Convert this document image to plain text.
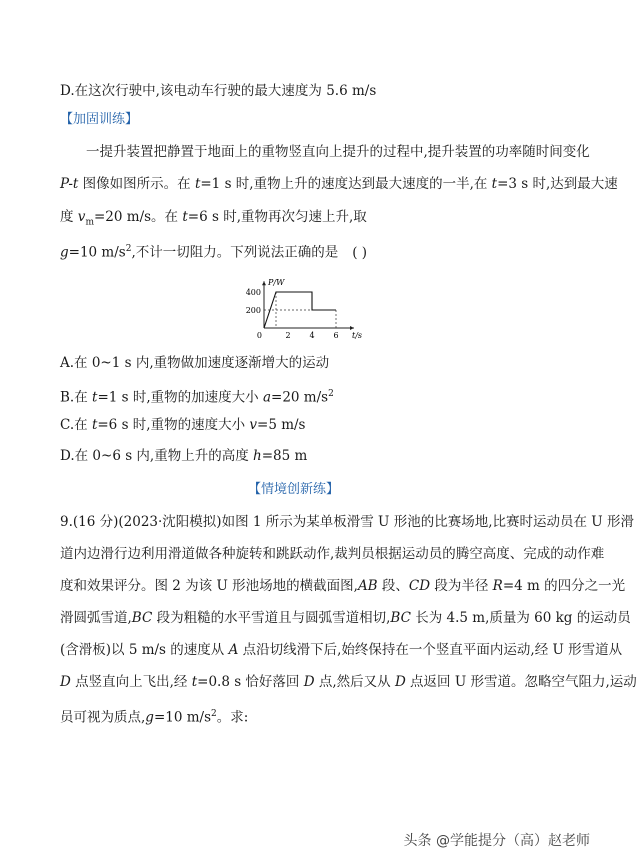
D.在这次行驶中,该电动车行驶的最大速度为 5.6 m/s
【加固训练】
一提升装置把静置于地面上的重物竖直向上提升的过程中,提升装置的功率随时间变化
P-t 图像如图所示。在 t=1 s 时,重物上升的速度达到最大速度的一半,在 t=3 s 时,达到最大速
度 $v_m=20$ m/s。在 t=6 s 时,重物再次匀速上升,取
g=10 $m/s^2$,不计一切阻力。下列说法正确的是 ( )
P/W
t/s
0	2 4 6
200
400
A.在 0~1 s 内,重物做加速度逐渐增大的运动
B.在 t=1 s 时,重物的加速度大小 a=20 $m/s^2$
C.在 t=6 s 时,重物的速度大小 v=5 m/s
D.在 0~6 s 内,重物上升的高度 h=85 m
【情境创新练】
9.(16 分)(2023·沈阳模拟)如图 1 所示为某单板滑雪 U 形池的比赛场地,比赛时运动员在 U 形滑
道内边滑行边利用滑道做各种旋转和跳跃动作,裁判员根据运动员的腾空高度、完成的动作难
度和效果评分。图 2 为该 U 形池场地的横截面图,AB 段、CD 段为半径 R=4 m 的四分之一光
滑圆弧雪道,BC 段为粗糙的水平雪道且与圆弧雪道相切,BC 长为 4.5 m,质量为 60 kg 的运动员
(含滑板)以 5 m/s 的速度从 A 点沿切线滑下后,始终保持在一个竖直平面内运动,经 U 形雪道从
D 点竖直向上飞出,经 t=0.8 s 恰好落回 D 点,然后又从 D 点返回 U 形雪道。忽略空气阻力,运动
员可视为质点,g=10 $m/s^2$。求:
头条 @学能提分（高）赵老师
